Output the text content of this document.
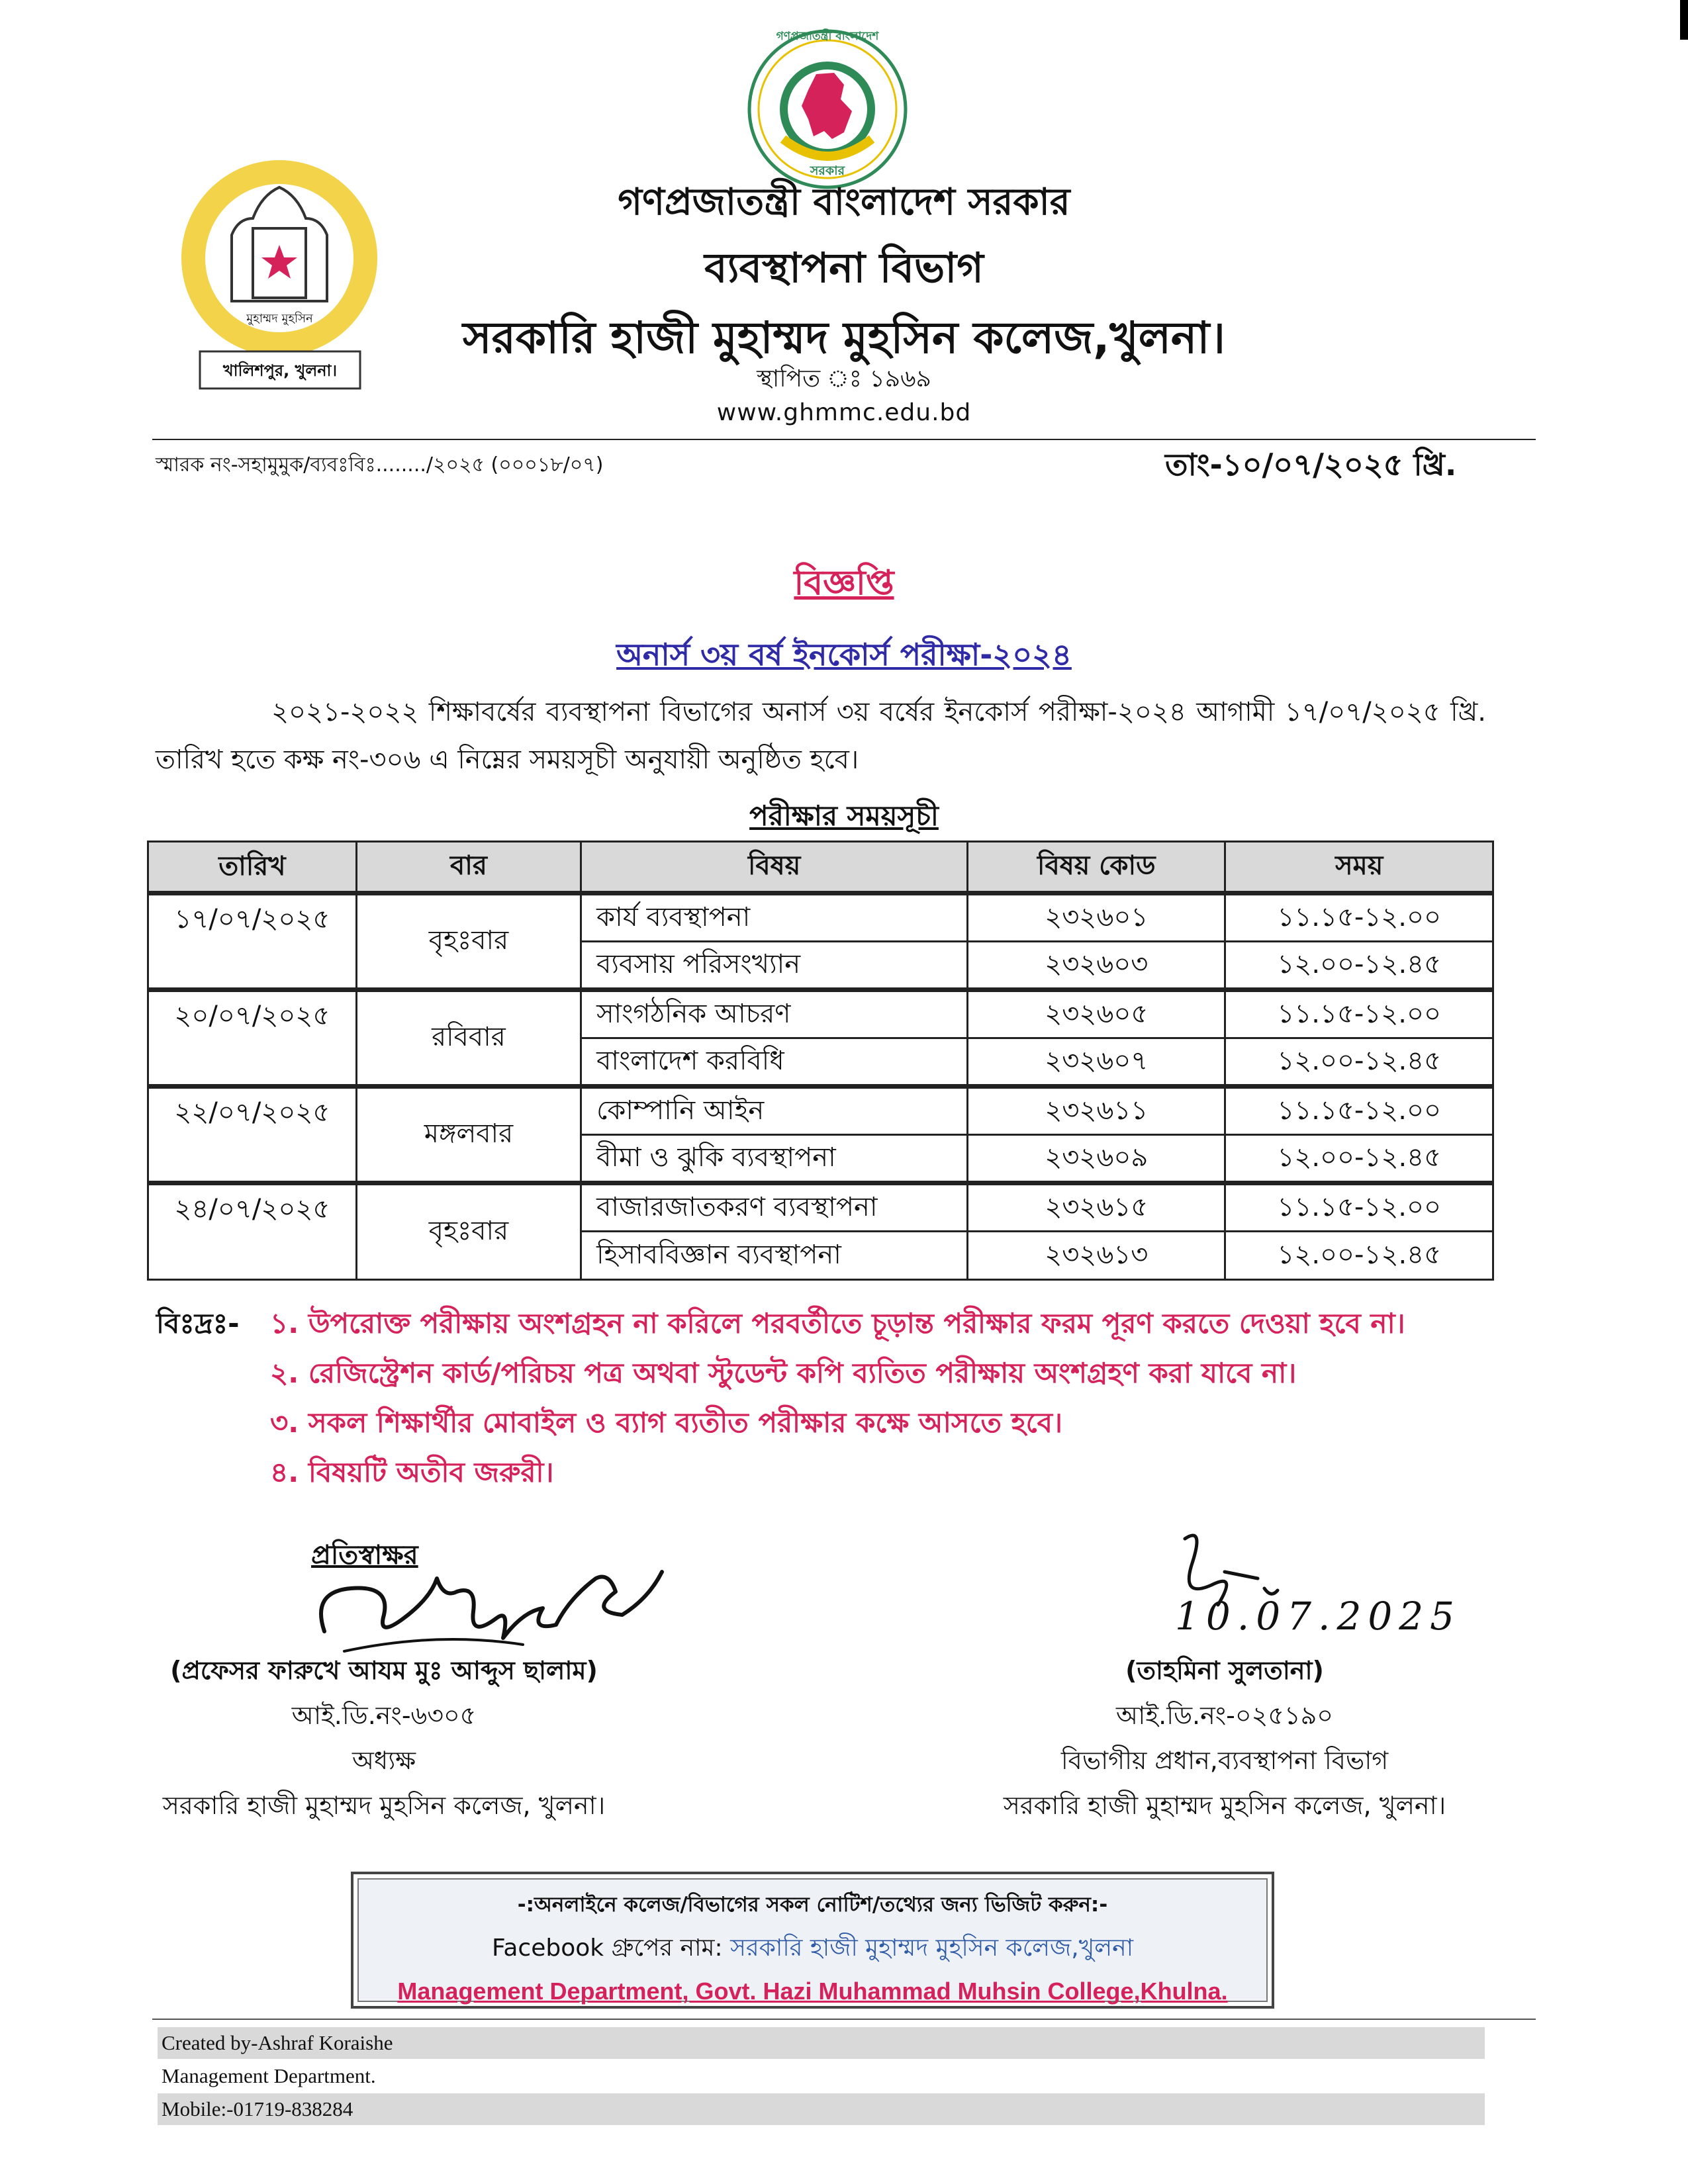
গণপ্রজাতন্ত্রী বাংলাদেশ
সরকার
মুহাম্মদ মুহসিন
খালিশপুর, খুলনা।
গণপ্রজাতন্ত্রী বাংলাদেশ সরকার
ব্যবস্থাপনা বিভাগ
সরকারি হাজী মুহাম্মদ মুহসিন কলেজ,খুলনা।
স্থাপিত ঃ ১৯৬৯
www.ghmmc.edu.bd
স্মারক নং-সহামুমুক/ব্যবঃবিঃ......../২০২৫ (০০০১৮/০৭)	তাং-১০/০৭/২০২৫ খ্রি.
বিজ্ঞপ্তি
অনার্স ৩য় বর্ষ ইনকোর্স পরীক্ষা-২০২৪
২০২১-২০২২ শিক্ষাবর্ষের ব্যবস্থাপনা বিভাগের অনার্স ৩য় বর্ষের ইনকোর্স পরীক্ষা-২০২৪ আগামী ১৭/০৭/২০২৫ খ্রি. তারিখ হতে কক্ষ নং-৩০৬ এ নিম্নের সময়সূচী অনুযায়ী অনুষ্ঠিত হবে।
পরীক্ষার সময়সূচী
তারিখ	বার	বিষয়	বিষয় কোড	সময়
১৭/০৭/২০২৫	বৃহঃবার	কার্য ব্যবস্থাপনা	২৩২৬০১	১১.১৫-১২.০০
		ব্যবসায় পরিসংখ্যান	২৩২৬০৩	১২.০০-১২.৪৫
২০/০৭/২০২৫	রবিবার	সাংগঠনিক আচরণ	২৩২৬০৫	১১.১৫-১২.০০
		বাংলাদেশ করবিধি	২৩২৬০৭	১২.০০-১২.৪৫
২২/০৭/২০২৫	মঙ্গলবার	কোম্পানি আইন	২৩২৬১১	১১.১৫-১২.০০
		বীমা ও ঝুকি ব্যবস্থাপনা	২৩২৬০৯	১২.০০-১২.৪৫
২৪/০৭/২০২৫	বৃহঃবার	বাজারজাতকরণ ব্যবস্থাপনা	২৩২৬১৫	১১.১৫-১২.০০
		হিসাববিজ্ঞান ব্যবস্থাপনা	২৩২৬১৩	১২.০০-১২.৪৫
বিঃদ্রঃ- ১. উপরোক্ত পরীক্ষায় অংশগ্রহন না করিলে পরবর্তীতে চূড়ান্ত পরীক্ষার ফরম পূরণ করতে দেওয়া হবে না।
২. রেজিস্ট্রেশন কার্ড/পরিচয় পত্র অথবা স্টুডেন্ট কপি ব্যতিত পরীক্ষায় অংশগ্রহণ করা যাবে না।
৩. সকল শিক্ষার্থীর মোবাইল ও ব্যাগ ব্যতীত পরীক্ষার কক্ষে আসতে হবে।
৪. বিষয়টি অতীব জরুরী।
প্রতিস্বাক্ষর
10.07.2025
(প্রফেসর ফারুখে আযম মুঃ আব্দুস ছালাম)
আই.ডি.নং-৬৩০৫
অধ্যক্ষ
সরকারি হাজী মুহাম্মদ মুহসিন কলেজ, খুলনা।
(তাহমিনা সুলতানা)
আই.ডি.নং-০২৫১৯০
বিভাগীয় প্রধান,ব্যবস্থাপনা বিভাগ
সরকারি হাজী মুহাম্মদ মুহসিন কলেজ, খুলনা।
-:অনলাইনে কলেজ/বিভাগের সকল নোটিশ/তথ্যের জন্য ভিজিট করুন:-
Facebook গ্রুপের নাম: সরকারি হাজী মুহাম্মদ মুহসিন কলেজ,খুলনা
Management Department, Govt. Hazi Muhammad Muhsin College,Khulna.
Created by-Ashraf Koraishe
Management Department.
Mobile:-01719-838284
